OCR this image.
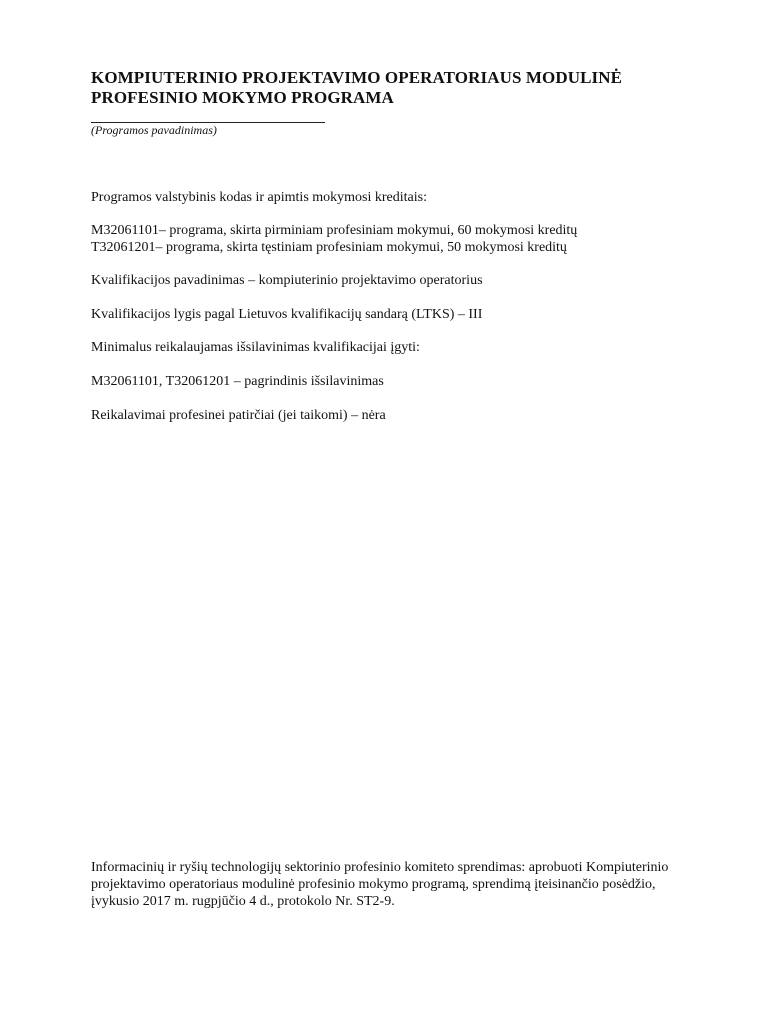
KOMPIUTERINIO PROJEKTAVIMO OPERATORIAUS MODULINĖ
PROFESINIO MOKYMO PROGRAMA
(Programos pavadinimas)
Programos valstybinis kodas ir apimtis mokymosi kreditais:
M32061101– programa, skirta pirminiam profesiniam mokymui, 60 mokymosi kreditų
T32061201– programa, skirta tęstiniam profesiniam mokymui, 50 mokymosi kreditų
Kvalifikacijos pavadinimas – kompiuterinio projektavimo operatorius
Kvalifikacijos lygis pagal Lietuvos kvalifikacijų sandarą (LTKS) – III
Minimalus reikalaujamas išsilavinimas kvalifikacijai įgyti:
M32061101, T32061201 – pagrindinis išsilavinimas
Reikalavimai profesinei patirčiai (jei taikomi) – nėra
Informacinių ir ryšių technologijų sektorinio profesinio komiteto sprendimas: aprobuoti Kompiuterinio
projektavimo operatoriaus modulinė profesinio mokymo programą, sprendimą įteisinančio posėdžio,
įvykusio 2017 m. rugpjūčio 4 d., protokolo Nr. ST2-9.
